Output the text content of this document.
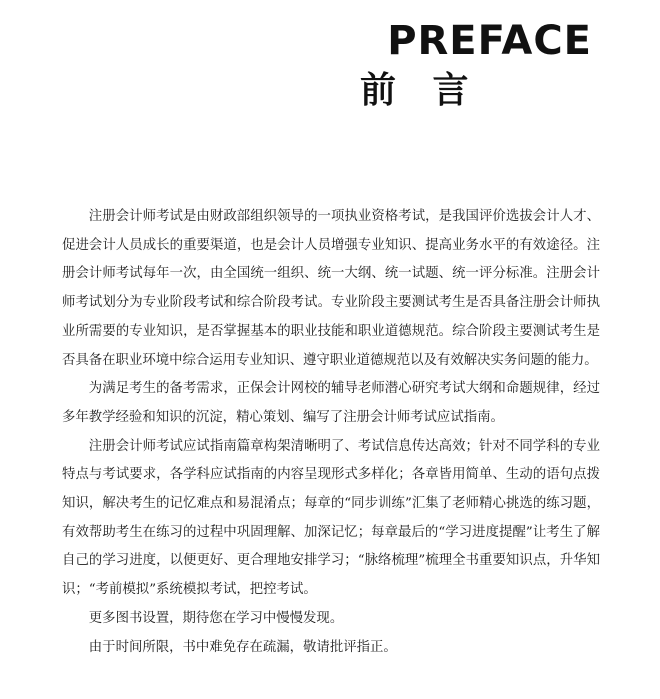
PREFACE
前 言

注册会计师考试是由财政部组织领导的一项执业资格考试，是我国评价选拔会计人才、促进会计人员成长的重要渠道，也是会计人员增强专业知识、提高业务水平的有效途径。注册会计师考试每年一次，由全国统一组织、统一大纲、统一试题、统一评分标准。注册会计师考试划分为专业阶段考试和综合阶段考试。专业阶段主要测试考生是否具备注册会计师执业所需要的专业知识，是否掌握基本的职业技能和职业道德规范。综合阶段主要测试考生是否具备在职业环境中综合运用专业知识、遵守职业道德规范以及有效解决实务问题的能力。

为满足考生的备考需求，正保会计网校的辅导老师潜心研究考试大纲和命题规律，经过多年教学经验和知识的沉淀，精心策划、编写了注册会计师考试应试指南。

注册会计师考试应试指南篇章构架清晰明了、考试信息传达高效；针对不同学科的专业特点与考试要求，各学科应试指南的内容呈现形式多样化；各章皆用简单、生动的语句点拨知识，解决考生的记忆难点和易混淆点；每章的“同步训练”汇集了老师精心挑选的练习题，有效帮助考生在练习的过程中巩固理解、加深记忆；每章最后的“学习进度提醒”让考生了解自己的学习进度，以便更好、更合理地安排学习；“脉络梳理”梳理全书重要知识点，升华知识；“考前模拟”系统模拟考试，把控考试。

更多图书设置，期待您在学习中慢慢发现。

由于时间所限，书中难免存在疏漏，敬请批评指正。
